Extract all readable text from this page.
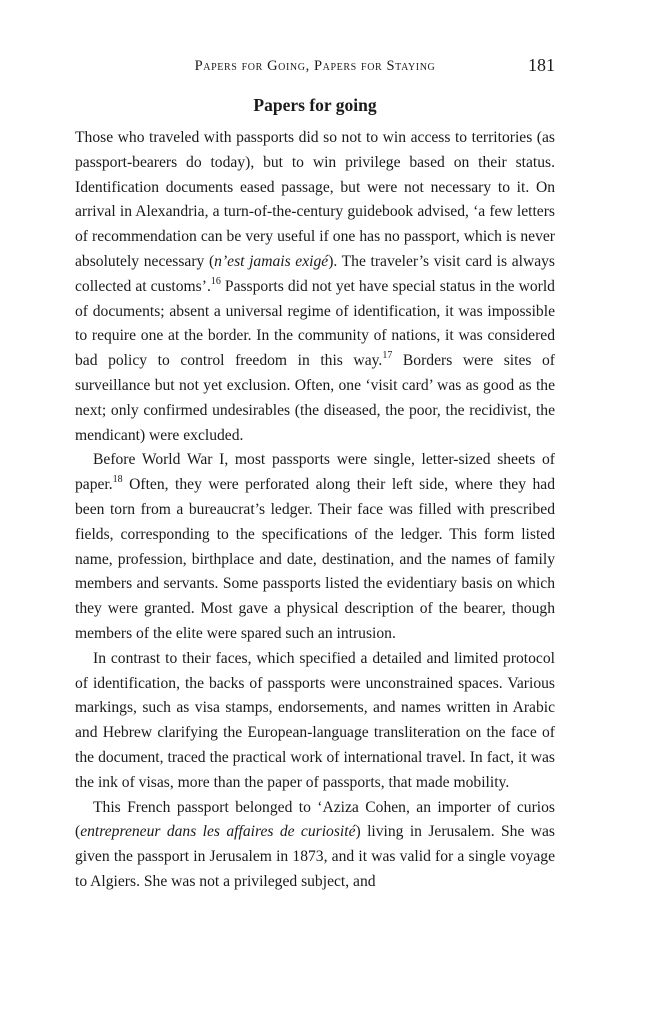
Papers for Going, Papers for Staying	181
Papers for going

Those who traveled with passports did so not to win access to territories (as passport-bearers do today), but to win privilege based on their status. Identification documents eased passage, but were not necessary to it. On arrival in Alexandria, a turn-of-the-century guidebook advised, ‘a few letters of recommendation can be very useful if one has no passport, which is never absolutely necessary (n’est jamais exigé). The traveler’s visit card is always collected at customs’.$^{16}$ Passports did not yet have special status in the world of documents; absent a universal regime of identification, it was impossible to require one at the border. In the community of nations, it was considered bad policy to control freedom in this way.$^{17}$ Borders were sites of surveillance but not yet exclusion. Often, one ‘visit card’ was as good as the next; only confirmed undesirables (the diseased, the poor, the recidivist, the mendicant) were excluded.

Before World War I, most passports were single, letter-sized sheets of paper.$^{18}$ Often, they were perforated along their left side, where they had been torn from a bureaucrat’s ledger. Their face was filled with prescribed fields, corresponding to the specifications of the ledger. This form listed name, profession, birthplace and date, destination, and the names of family members and servants. Some passports listed the evidentiary basis on which they were granted. Most gave a physical description of the bearer, though members of the elite were spared such an intrusion.

In contrast to their faces, which specified a detailed and limited protocol of identification, the backs of passports were unconstrained spaces. Various markings, such as visa stamps, endorsements, and names written in Arabic and Hebrew clarifying the European-language transliteration on the face of the document, traced the practical work of international travel. In fact, it was the ink of visas, more than the paper of passports, that made mobility.

This French passport belonged to ‘Aziza Cohen, an importer of curios (entrepreneur dans les affaires de curiosité) living in Jerusalem. She was given the passport in Jerusalem in 1873, and it was valid for a single voyage to Algiers. She was not a privileged subject, and
